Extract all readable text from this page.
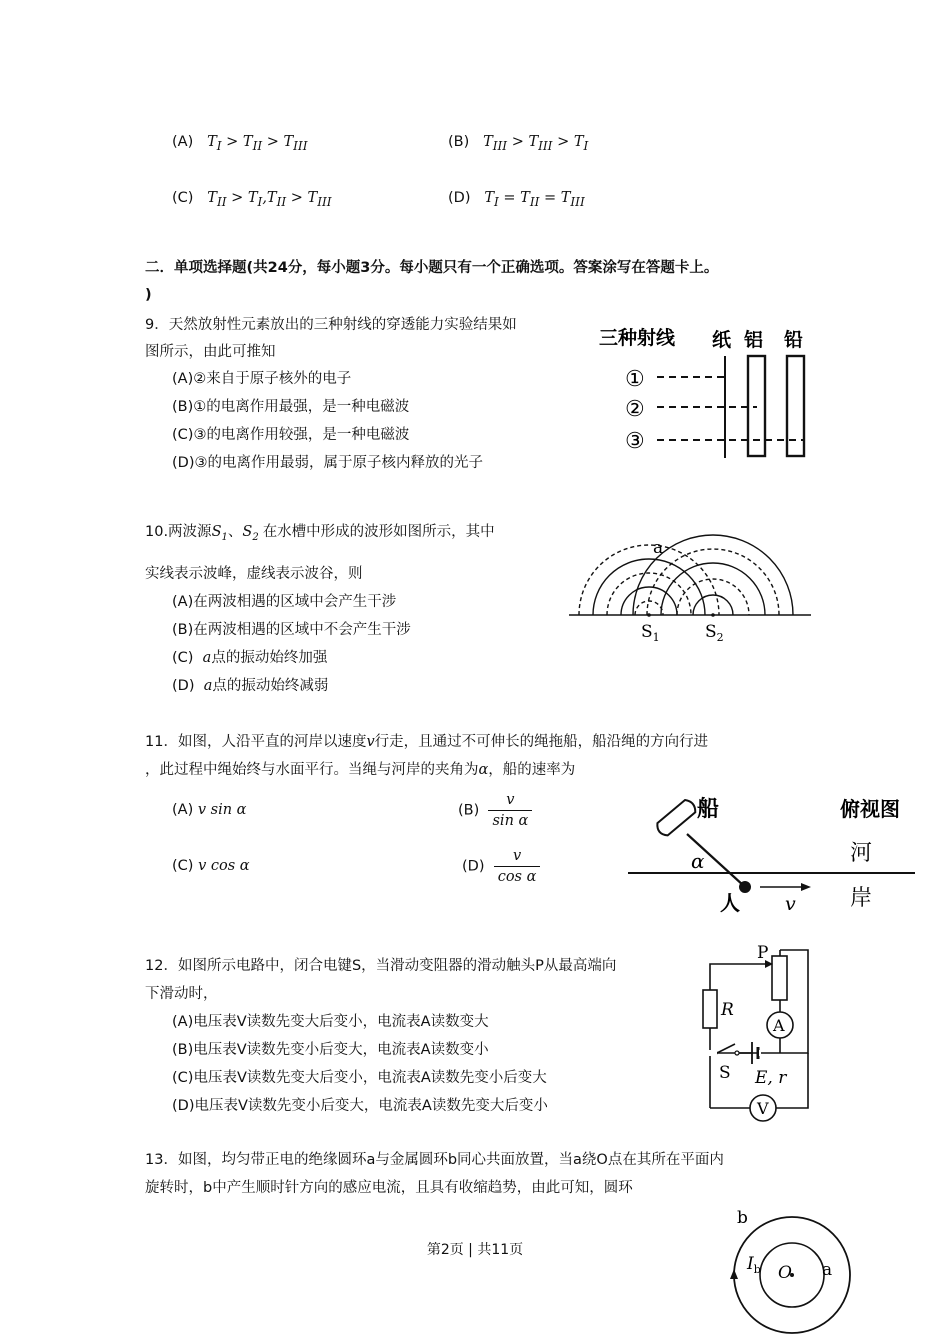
(A) $T_I > T_{II} > T_{III}$	(B) $T_{III} > T_{III} > T_I$
(C) $T_{II} > T_I,T_{II} > T_{III}$	(D) $T_I = T_{II} = T_{III}$
二．单项选择题(共24分，每小题3分。每小题只有一个正确选项。答案涂写在答题卡上。
)
9．天然放射性元素放出的三种射线的穿透能力实验结果如
图所示，由此可推知
(A)②来自于原子核外的电子
(B)①的电离作用最强，是一种电磁波
(C)③的电离作用较强，是一种电磁波
(D)③的电离作用最弱，属于原子核内释放的光子
三种射线 纸 铝 铅
①
②
③
10.两波源$S_1$、$S_2$ 在水槽中形成的波形如图所示，其中
实线表示波峰，虚线表示波谷，则
(A)在两波相遇的区域中会产生干涉
(B)在两波相遇的区域中不会产生干涉
(C) a点的振动始终加强
(D) a点的振动始终减弱
a
$S_1$	$S_2$
11．如图，人沿平直的河岸以速度v行走，且通过不可伸长的绳拖船，船沿绳的方向行进
，此过程中绳始终与水面平行。当绳与河岸的夹角为α，船的速率为
(A) v sin α	$(B) \frac{v}{\text{sin α}}$
(C) v cos α	$(D) \frac{v}{\text{cos α}}$
船	俯视图
河
岸
α
人 v
12．如图所示电路中，闭合电键S，当滑动变阻器的滑动触头P从最高端向
下滑动时，
(A)电压表V读数先变大后变小，电流表A读数变大
(B)电压表V读数先变小后变大，电流表A读数变小
(C)电压表V读数先变大后变小，电流表A读数先变小后变大
(D)电压表V读数先变小后变大，电流表A读数先变大后变小
A
P
R
S E, r
V
13．如图，均匀带正电的绝缘圆环a与金属圆环b同心共面放置，当a绕O点在其所在平面内
旋转时，b中产生顺时针方向的感应电流，且具有收缩趋势，由此可知，圆环
b
a
O
$I_b$
第2页 | 共11页
